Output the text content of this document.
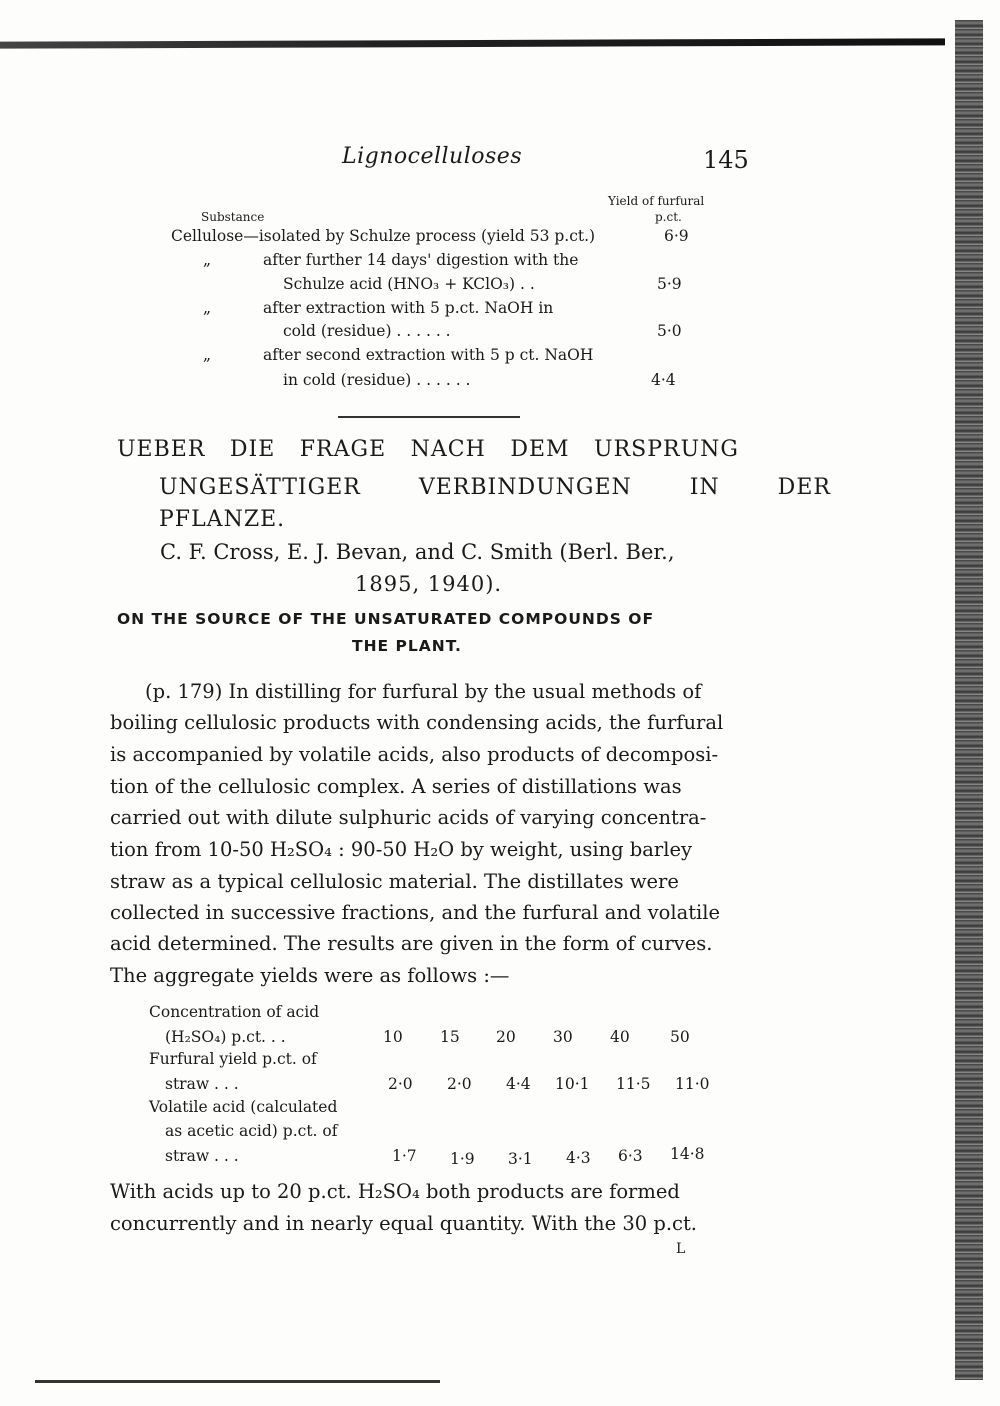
Lignocelluloses	145
Yield of furfural
Substance	p.ct.
Cellulose—isolated by Schulze process (yield 53 p.ct.)	6·9
„	after further 14 days' digestion with the
Schulze acid (HNO₃ + KClO₃) . .	5·9
„	after extraction with 5 p.ct. NaOH in
cold (residue) . . . . . .	5·0
„	after second extraction with 5 p ct. NaOH
in cold (residue) . . . . . .	4·4
UEBER DIE FRAGE NACH DEM URSPRUNG
UNGESÄTTIGER VERBINDUNGEN IN DER
PFLANZE.
C. F. Cross, E. J. Bevan, and C. Smith (Berl. Ber.,
1895, 1940).
ON THE SOURCE OF THE UNSATURATED COMPOUNDS OF
THE PLANT.
(p. 179) In distilling for furfural by the usual methods of
boiling cellulosic products with condensing acids, the furfural
is accompanied by volatile acids, also products of decomposi-
tion of the cellulosic complex. A series of distillations was
carried out with dilute sulphuric acids of varying concentra-
tion from 10-50 H₂SO₄ : 90-50 H₂O by weight, using barley
straw as a typical cellulosic material. The distillates were
collected in successive fractions, and the furfural and volatile
acid determined. The results are given in the form of curves.
The aggregate yields were as follows :—
Concentration of acid
(H₂SO₄) p.ct. . .	10 15 20 30 40	50
Furfural yield p.ct. of
straw . . .	2·0 2·0 4·4 10·1 11·5 11·0
Volatile acid (calculated
as acetic acid) p.ct. of
straw . . .	1·7 1·9 3·1 4·3 6·3 14·8
With acids up to 20 p.ct. H₂SO₄ both products are formed
concurrently and in nearly equal quantity. With the 30 p.ct.
L
